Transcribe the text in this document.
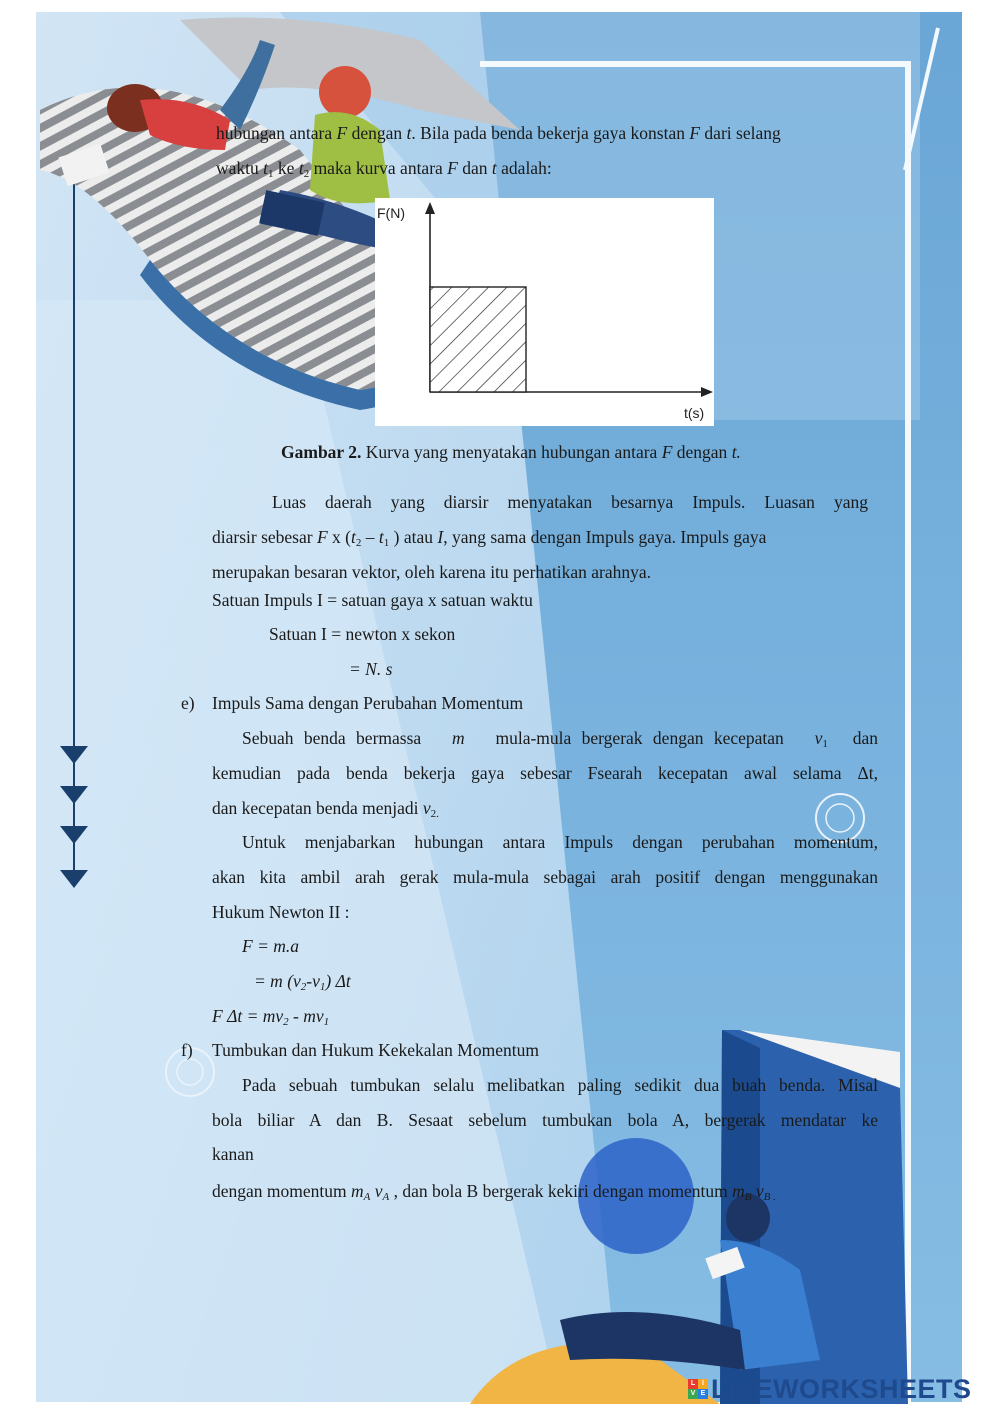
hubungan antara F dengan t. Bila pada benda bekerja gaya konstan F dari selang
waktu $t_1$ ke $t_2$ maka kurva antara F dan t adalah:
F(N)
t(s)
Gambar 2. Kurva yang menyatakan hubungan antara F dengan t.
Luas daerah yang diarsir menyatakan besarnya Impuls. Luasan yang
diarsir sebesar F x ($t_2 - t_1$ ) atau I, yang sama dengan Impuls gaya. Impuls gaya
merupakan besaran vektor, oleh karena itu perhatikan arahnya.
Satuan Impuls I = satuan gaya x satuan waktu
Satuan I = newton x sekon
= N. s
e) Impuls Sama dengan Perubahan Momentum
Sebuah benda bermassa m mula-mula bergerak dengan kecepatan $v_1$ dan
kemudian pada benda bekerja gaya sebesar Fsearah kecepatan awal selama Δt,
dan kecepatan benda menjadi $v_{2.}$
Untuk menjabarkan hubungan antara Impuls dengan perubahan momentum,
akan kita ambil arah gerak mula-mula sebagai arah positif dengan menggunakan
Hukum Newton II :
F = m.a
= m $(v_2-v_1)$ Δt
F $\Delta t = mv_2 - mv_1$
f) Tumbukan dan Hukum Kekekalan Momentum
Pada sebuah tumbukan selalu melibatkan paling sedikit dua buah benda. Misal
bola biliar A dan B. Sesaat sebelum tumbukan bola A, bergerak mendatar ke
kanan
dengan momentum $m_A$ $v_A$ , dan bola B bergerak kekiri dengan momentum $m_B$ $v_{B .}$
L I
V E LIVEWORKSHEETS
